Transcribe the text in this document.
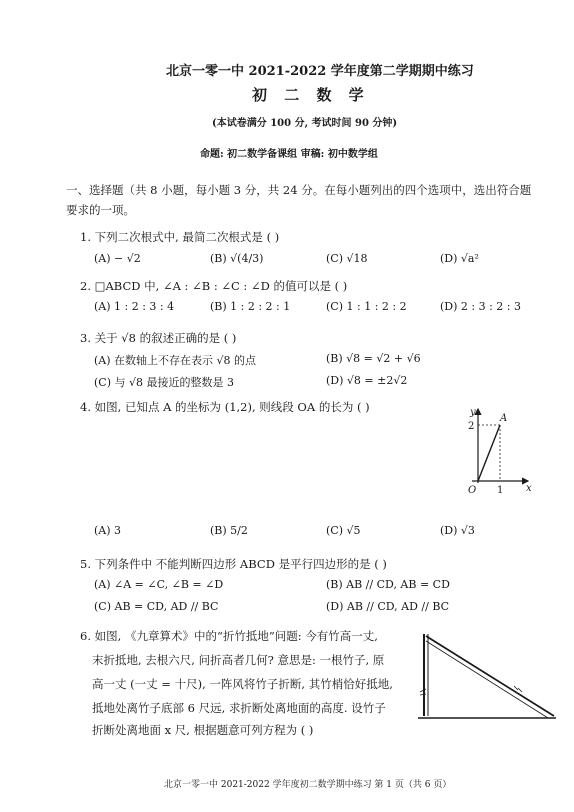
北京一零一中 2021-2022 学年度第二学期期中练习
初 二 数 学
(本试卷满分 100 分, 考试时间 90 分钟)
命题: 初二数学备课组 审稿: 初中数学组
一、选择题（共 8 小题，每小题 3 分，共 24 分。在每小题列出的四个选项中，选出符合题
要求的一项。
1. 下列二次根式中, 最简二次根式是 ( )
(A) − √2	(B) √(4/3)	(C) √18	(D) √a²
2. □ABCD 中, ∠A : ∠B : ∠C : ∠D 的值可以是 ( )
(A) 1 : 2 : 3 : 4	(B) 1 : 2 : 2 : 1	(C) 1 : 1 : 2 : 2	(D) 2 : 3 : 2 : 3
3. 关于 √8 的叙述正确的是 ( )
(A) 在数轴上不存在表示 √8 的点	(B) √8 = √2 + √6
(C) 与 √8 最接近的整数是 3	(D) √8 = ±2√2
4. 如图, 已知点 A 的坐标为 (1,2), 则线段 OA 的长为 ( )	y
x
A
O
2
1
(A) 3	(B) 5/2	(C) √5	(D) √3
5. 下列条件中 不能判断四边形 ABCD 是平行四边形的是 ( )
(A) ∠A = ∠C, ∠B = ∠D	(B) AB // CD, AB = CD
(C) AB = CD, AD // BC	(D) AB // CD, AD // BC
6. 如图, 《九章算术》中的“折竹抵地”问题: 今有竹高一丈,
末折抵地, 去根六尺, 问折高者几何? 意思是: 一根竹子, 原
高一丈 (一丈 = 十尺), 一阵风将竹子折断, 其竹梢恰好抵地,
抵地处离竹子底部 6 尺远, 求折断处离地面的高度. 设竹子
折断处离地面 x 尺, 根据题意可列方程为 ( )
北京一零一中 2021-2022 学年度初二数学期中练习 第 1 页（共 6 页）
